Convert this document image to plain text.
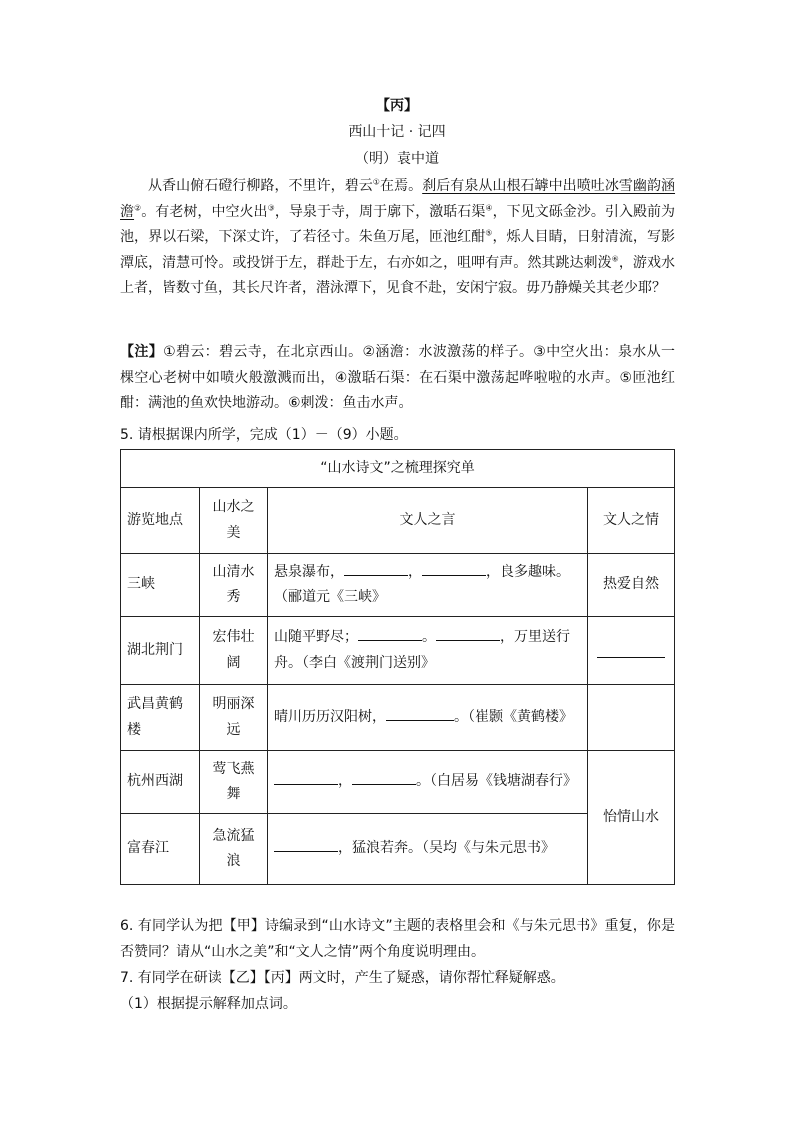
【丙】
西山十记 · 记四
（明）袁中道
从香山俯石磴行柳路，不里许，碧云①在焉。刹后有泉从山根石罅中出喷吐冰雪幽韵涵澹②。有老树，中空火出③，导泉于寺，周于廓下，激聒石渠④，下见文砾金沙。引入殿前为池，界以石梁，下深丈许，了若径寸。朱鱼万尾，匝池红酣⑤，烁人目睛，日射清流，写影潭底，清慧可怜。或投饼于左，群赴于左，右亦如之，咀呷有声。然其跳达刺泼⑥，游戏水上者，皆数寸鱼，其长尺许者，潜泳潭下，见食不赴，安闲宁寂。毋乃静燥关其老少耶？
【注】①碧云：碧云寺，在北京西山。②涵澹：水波激荡的样子。③中空火出：泉水从一棵空心老树中如喷火般激溅而出，④激聒石渠：在石渠中激荡起哗啦啦的水声。⑤匝池红酣：满池的鱼欢快地游动。⑥刺泼：鱼击水声。
5. 请根据课内所学，完成（1）－（9）小题。
“山水诗文”之梳理探究单			
游览地点	山水之美	文人之言	文人之情
三峡	山清水秀	悬泉瀑布， ， ，良多趣味。（郦道元《三峡》	热爱自然
湖北荆门	宏伟壮阔	山随平野尽； 。 ，万里送行舟。（李白《渡荆门送别》	

武昌黄鹤楼	明丽深远	晴川历历汉阳树， 。（崔颢《黄鹤楼》	
杭州西湖	莺飞燕舞	， 。（白居易《钱塘湖春行》	怡情山水
富春江	急流猛浪	，猛浪若奔。（吴均《与朱元思书》	
6. 有同学认为把【甲】诗编录到“山水诗文”主题的表格里会和《与朱元思书》重复，你是否赞同？请从“山水之美”和“文人之情”两个角度说明理由。
7. 有同学在研读【乙】【丙】两文时，产生了疑惑，请你帮忙释疑解惑。
（1）根据提示解释加点词。
